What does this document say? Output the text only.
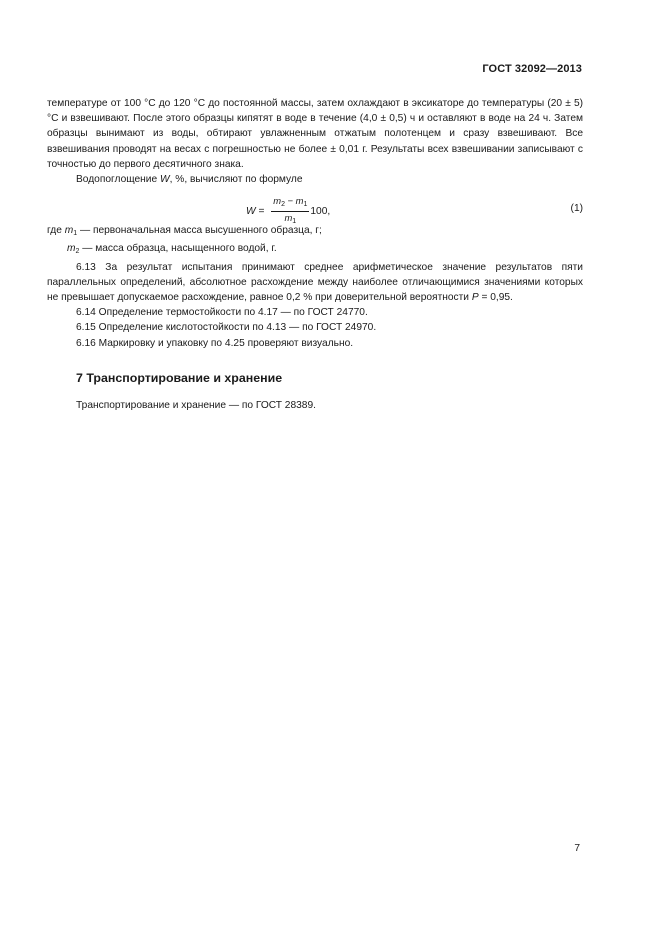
ГОСТ 32092—2013

температуре от 100 °С до 120 °С до постоянной массы, затем охлаждают в эксикаторе до температуры (20 ± 5) °С и взвешивают. После этого образцы кипятят в воде в течение (4,0 ± 0,5) ч и оставляют в воде на 24 ч. Затем образцы вынимают из воды, обтирают увлажненным отжатым полотенцем и сразу взвешивают. Все взвешивания проводят на весах с погрешностью не более ± 0,01 г. Результаты всех взвешивании записывают с точностью до первого десятичного знака.

Водопоглощение W, %, вычисляют по формуле

$W = \frac{m_2 - m_1}{m_1} 100$,	(1)

где $m_1$ — первоначальная масса высушенного образца, г;

$m_2$ — масса образца, насыщенного водой, г.

6.13 За результат испытания принимают среднее арифметическое значение результатов пяти параллельных определений, абсолютное расхождение между наиболее отличающимися значениями которых не превышает допускаемое расхождение, равное 0,2 % при доверительной вероятности P = 0,95.

6.14 Определение термостойкости по 4.17 — по ГОСТ 24770.

6.15 Определение кислотостойкости по 4.13 — по ГОСТ 24970.

6.16 Маркировку и упаковку по 4.25 проверяют визуально.

7 Транспортирование и хранение

Транспортирование и хранение — по ГОСТ 28389.

7
